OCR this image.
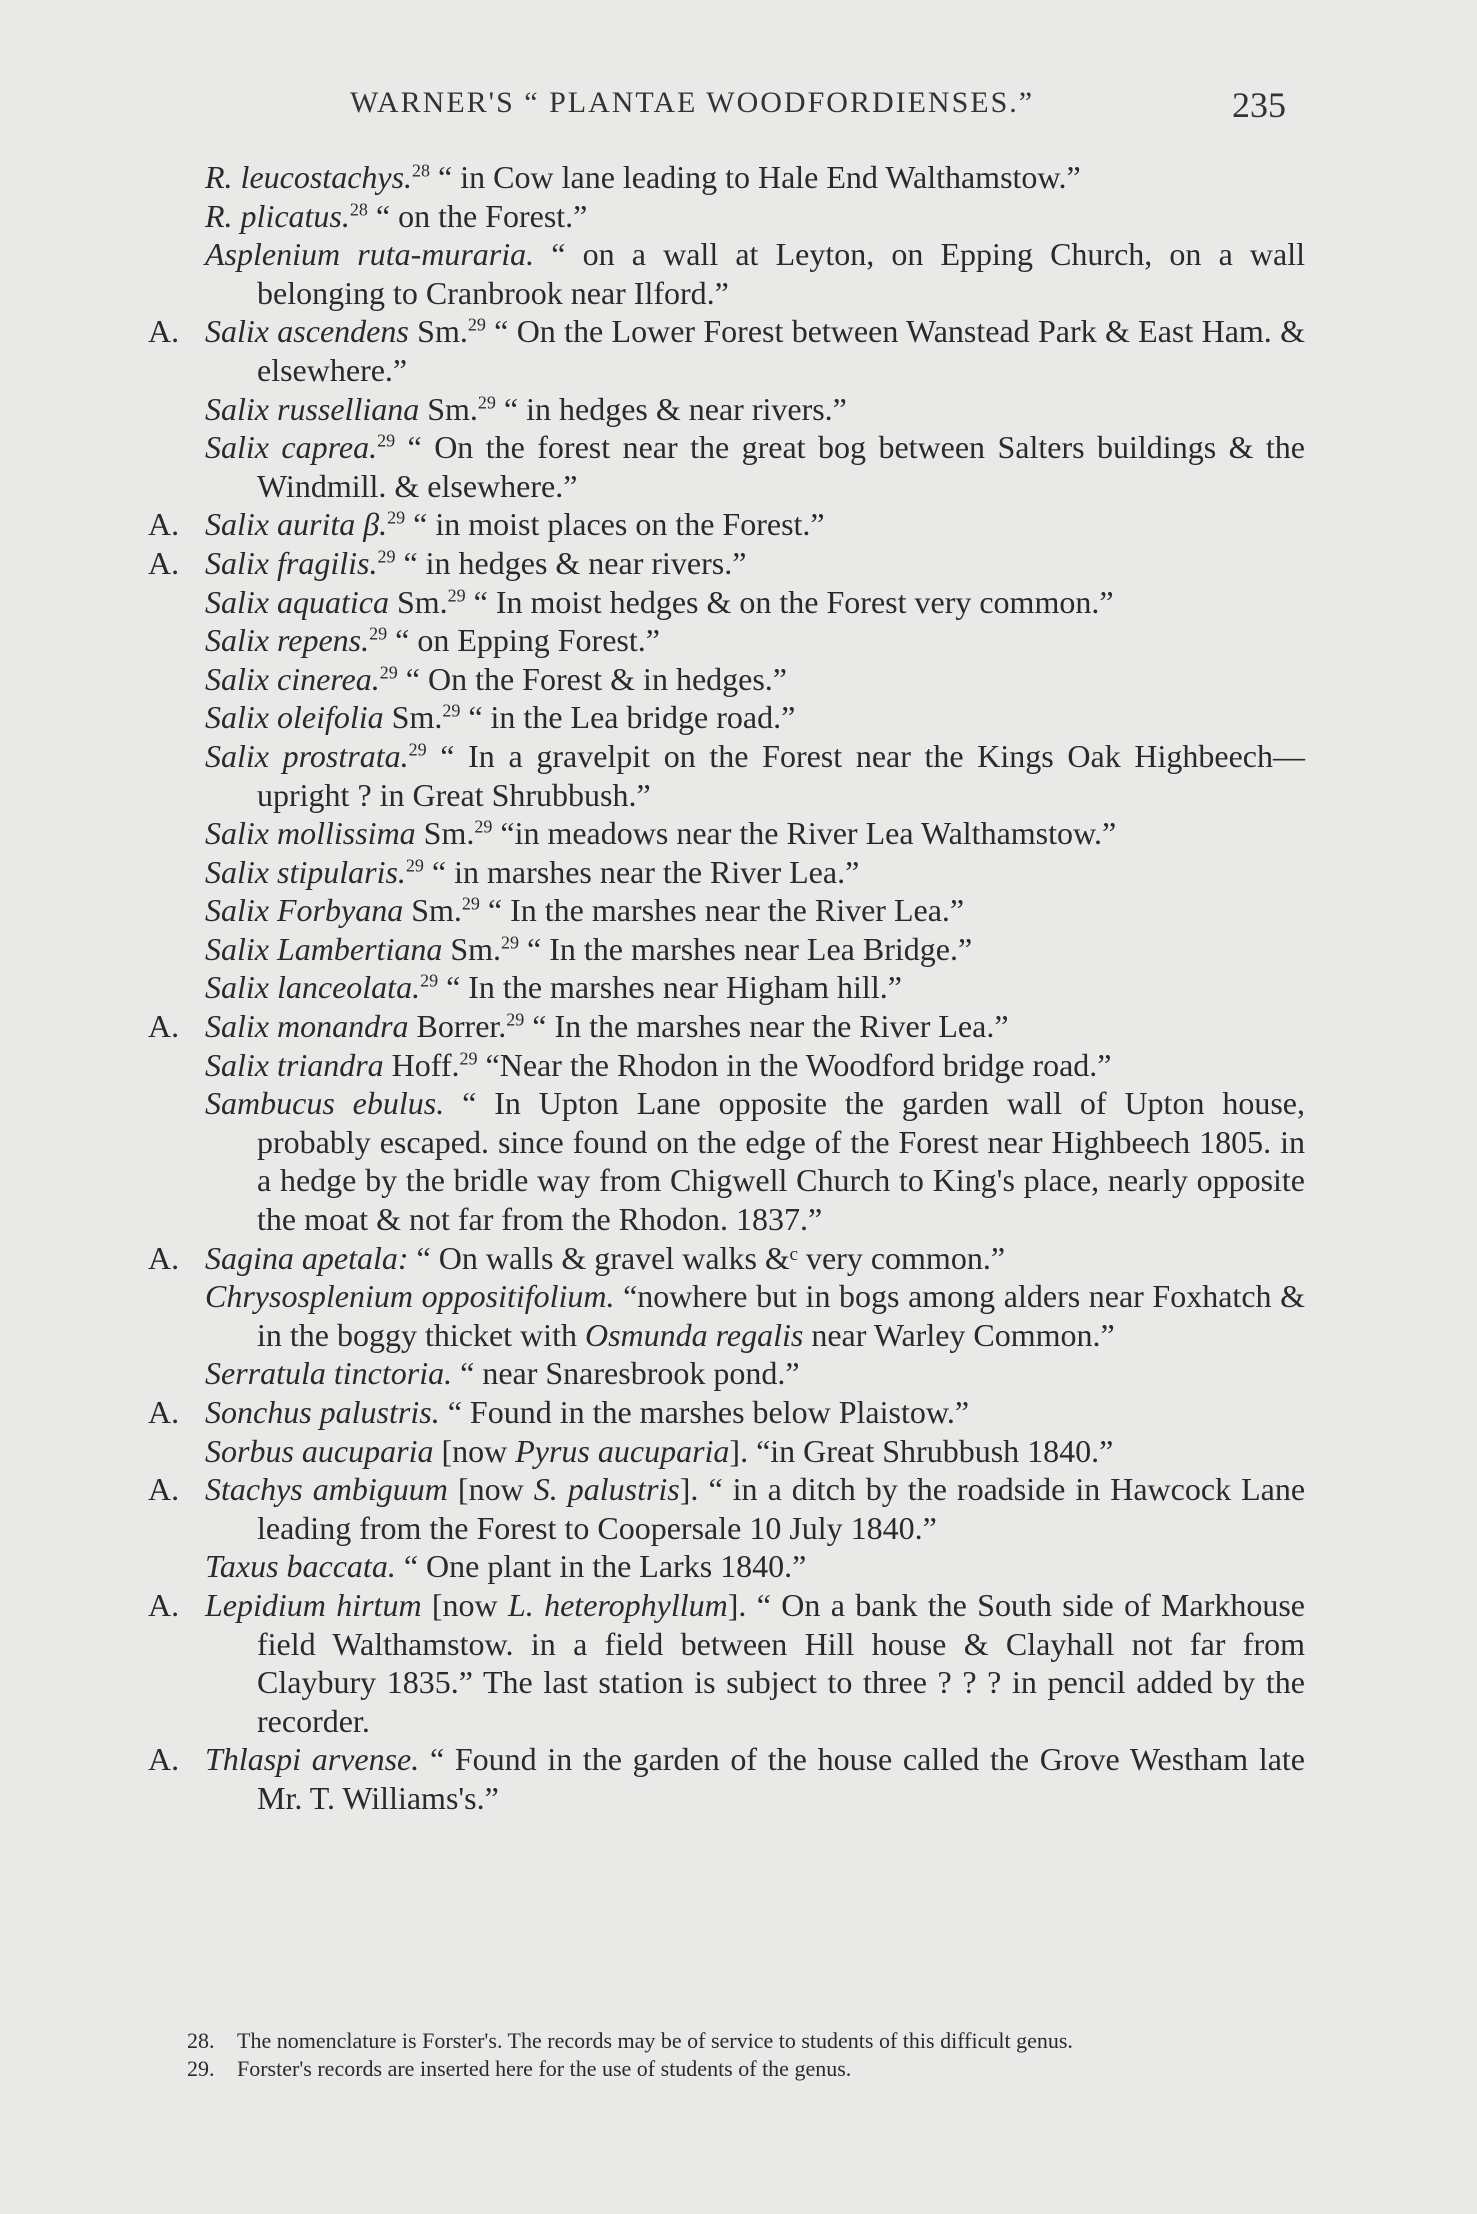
WARNER'S “ PLANTAE WOODFORDIENSES.”	235
R. leucostachys.$^{28}$ “ in Cow lane leading to Hale End Walthamstow.”
R. plicatus.$^{28}$ “ on the Forest.”
Asplenium ruta-muraria. “ on a wall at Leyton, on Epping Church, on a wall belonging to Cranbrook near Ilford.”
A. Salix ascendens Sm.$^{29}$ “ On the Lower Forest between Wanstead Park & East Ham. & elsewhere.”
Salix russelliana Sm.$^{29}$ “ in hedges & near rivers.”
Salix caprea.$^{29}$ “ On the forest near the great bog between Salters buildings & the Windmill. & elsewhere.”
A. Salix aurita β.$^{29}$ “ in moist places on the Forest.”
A. Salix fragilis.$^{29}$ “ in hedges & near rivers.”
Salix aquatica Sm.$^{29}$ “ In moist hedges & on the Forest very common.”
Salix repens.$^{29}$ “ on Epping Forest.”
Salix cinerea.$^{29}$ “ On the Forest & in hedges.”
Salix oleifolia Sm.$^{29}$ “ in the Lea bridge road.”
Salix prostrata.$^{29}$ “ In a gravelpit on the Forest near the Kings Oak Highbeech—upright ? in Great Shrubbush.”
Salix mollissima Sm.$^{29}$ “in meadows near the River Lea Walthamstow.”
Salix stipularis.$^{29}$ “ in marshes near the River Lea.”
Salix Forbyana Sm.$^{29}$ “ In the marshes near the River Lea.”
Salix Lambertiana Sm.$^{29}$ “ In the marshes near Lea Bridge.”
Salix lanceolata.$^{29}$ “ In the marshes near Higham hill.”
A. Salix monandra Borrer.$^{29}$ “ In the marshes near the River Lea.”
Salix triandra Hoff.$^{29}$ “Near the Rhodon in the Woodford bridge road.”
Sambucus ebulus. “ In Upton Lane opposite the garden wall of Upton house, probably escaped. since found on the edge of the Forest near Highbeech 1805. in a hedge by the bridle way from Chigwell Church to King's place, nearly opposite the moat & not far from the Rhodon. 1837.”
A. Sagina apetala: “ On walls & gravel walks &ᶜ very common.”
Chrysosplenium oppositifolium. “nowhere but in bogs among alders near Foxhatch & in the boggy thicket with Osmunda regalis near Warley Common.”
Serratula tinctoria. “ near Snaresbrook pond.”
A. Sonchus palustris. “ Found in the marshes below Plaistow.”
Sorbus aucuparia [now Pyrus aucuparia]. “in Great Shrubbush 1840.”
A. Stachys ambiguum [now S. palustris]. “ in a ditch by the roadside in Hawcock Lane leading from the Forest to Coopersale 10 July 1840.”
Taxus baccata. “ One plant in the Larks 1840.”
A. Lepidium hirtum [now L. heterophyllum]. “ On a bank the South side of Markhouse field Walthamstow. in a field between Hill house & Clayhall not far from Claybury 1835.” The last station is subject to three ? ? ? in pencil added by the recorder.
A. Thlaspi arvense. “ Found in the garden of the house called the Grove Westham late Mr. T. Williams's.”
28. The nomenclature is Forster's. The records may be of service to students of this difficult genus.
29. Forster's records are inserted here for the use of students of the genus.
